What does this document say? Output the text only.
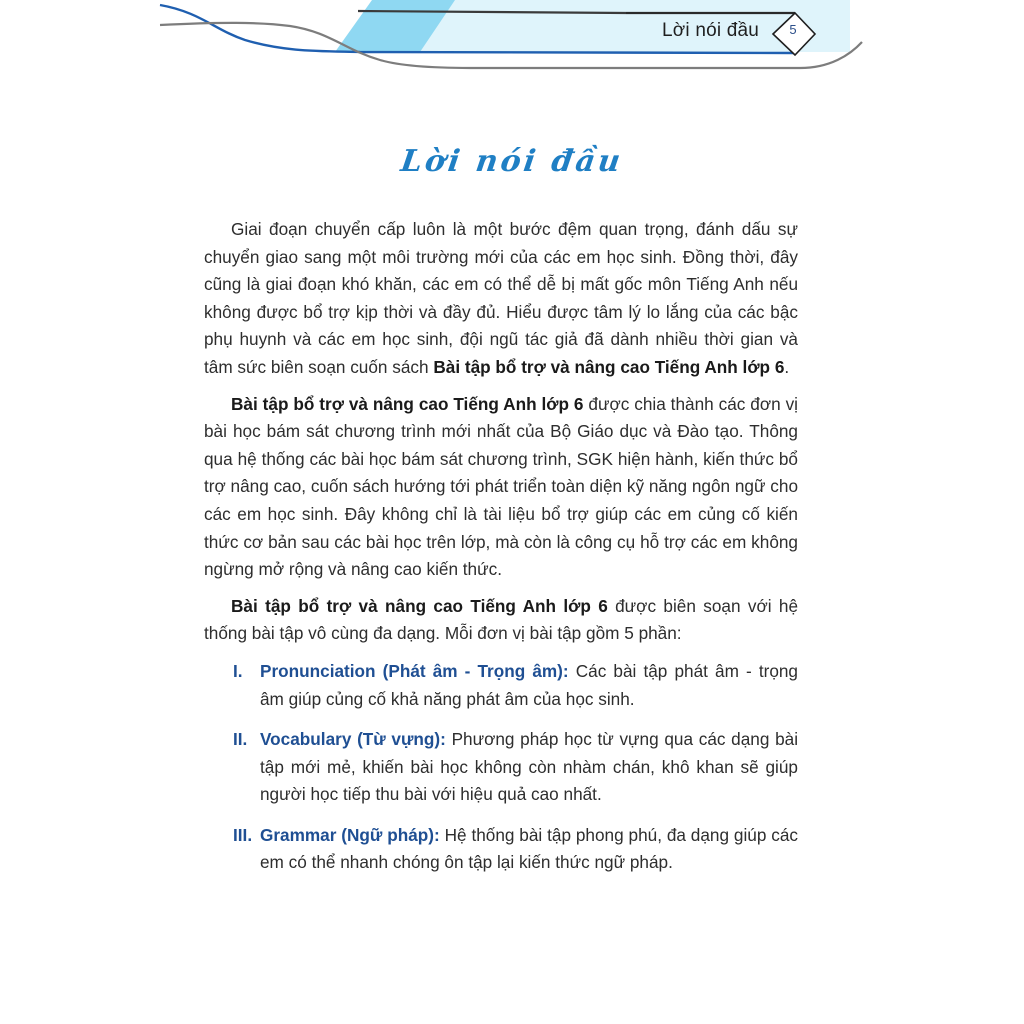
Lời nói đầu	5
Lời nói đầu

Giai đoạn chuyển cấp luôn là một bước đệm quan trọng, đánh dấu sự chuyển giao sang một môi trường mới của các em học sinh. Đồng thời, đây cũng là giai đoạn khó khăn, các em có thể dễ bị mất gốc môn Tiếng Anh nếu không được bổ trợ kịp thời và đầy đủ. Hiểu được tâm lý lo lắng của các bậc phụ huynh và các em học sinh, đội ngũ tác giả đã dành nhiều thời gian và tâm sức biên soạn cuốn sách Bài tập bổ trợ và nâng cao Tiếng Anh lớp 6.

Bài tập bổ trợ và nâng cao Tiếng Anh lớp 6 được chia thành các đơn vị bài học bám sát chương trình mới nhất của Bộ Giáo dục và Đào tạo. Thông qua hệ thống các bài học bám sát chương trình, SGK hiện hành, kiến thức bổ trợ nâng cao, cuốn sách hướng tới phát triển toàn diện kỹ năng ngôn ngữ cho các em học sinh. Đây không chỉ là tài liệu bổ trợ giúp các em củng cố kiến thức cơ bản sau các bài học trên lớp, mà còn là công cụ hỗ trợ các em không ngừng mở rộng và nâng cao kiến thức.

Bài tập bổ trợ và nâng cao Tiếng Anh lớp 6 được biên soạn với hệ thống bài tập vô cùng đa dạng. Mỗi đơn vị bài tập gồm 5 phần:

I. Pronunciation (Phát âm - Trọng âm): Các bài tập phát âm - trọng âm giúp củng cố khả năng phát âm của học sinh.
II. Vocabulary (Từ vựng): Phương pháp học từ vựng qua các dạng bài tập mới mẻ, khiến bài học không còn nhàm chán, khô khan sẽ giúp người học tiếp thu bài với hiệu quả cao nhất.
III. Grammar (Ngữ pháp): Hệ thống bài tập phong phú, đa dạng giúp các em có thể nhanh chóng ôn tập lại kiến thức ngữ pháp.
